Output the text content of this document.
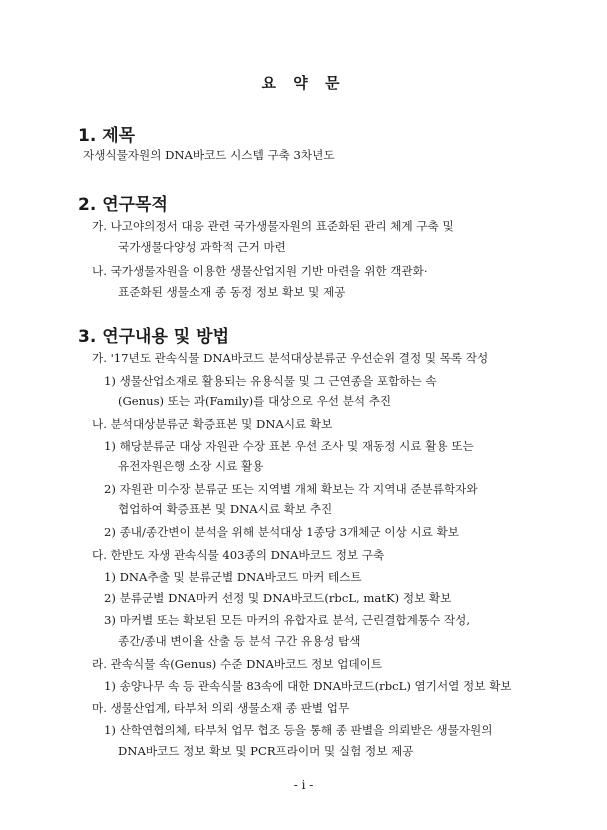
요 약 문
1. 제목
자생식물자원의 DNA바코드 시스템 구축 3차년도
2. 연구목적
가. 나고야의정서 대응 관련 국가생물자원의 표준화된 관리 체계 구축 및
국가생물다양성 과학적 근거 마련
나. 국가생물자원을 이용한 생물산업지원 기반 마련을 위한 객관화·
표준화된 생물소재 종 동정 정보 확보 및 제공
3. 연구내용 및 방법
가. '17년도 관속식물 DNA바코드 분석대상분류군 우선순위 결정 및 목록 작성
1) 생물산업소재로 활용되는 유용식물 및 그 근연종을 포함하는 속
(Genus) 또는 과(Family)를 대상으로 우선 분석 추진
나. 분석대상분류군 확증표본 및 DNA시료 확보
1) 해당분류군 대상 자원관 수장 표본 우선 조사 및 재동정 시료 활용 또는
유전자원은행 소장 시료 활용
2) 자원관 미수장 분류군 또는 지역별 개체 확보는 각 지역내 준분류학자와
협업하여 확증표본 및 DNA시료 확보 추진
2) 종내/종간변이 분석을 위해 분석대상 1종당 3개체군 이상 시료 확보
다. 한반도 자생 관속식물 403종의 DNA바코드 정보 구축
1) DNA추출 및 분류군별 DNA바코드 마커 테스트
2) 분류군별 DNA마커 선정 및 DNA바코드(rbcL, matK) 정보 확보
3) 마커별 또는 확보된 모든 마커의 유합자료 분석, 근린결합계통수 작성,
종간/종내 변이율 산출 등 분석 구간 유용성 탐색
라. 관속식물 속(Genus) 수준 DNA바코드 정보 업데이트
1) 송양나무 속 등 관속식물 83속에 대한 DNA바코드(rbcL) 염기서열 정보 확보
마. 생물산업계, 타부처 의뢰 생물소재 종 판별 업무
1) 산학연협의체, 타부처 업무 협조 등을 통해 종 판별을 의뢰받은 생물자원의
DNA바코드 정보 확보 및 PCR프라이머 및 실험 정보 제공
- i -
